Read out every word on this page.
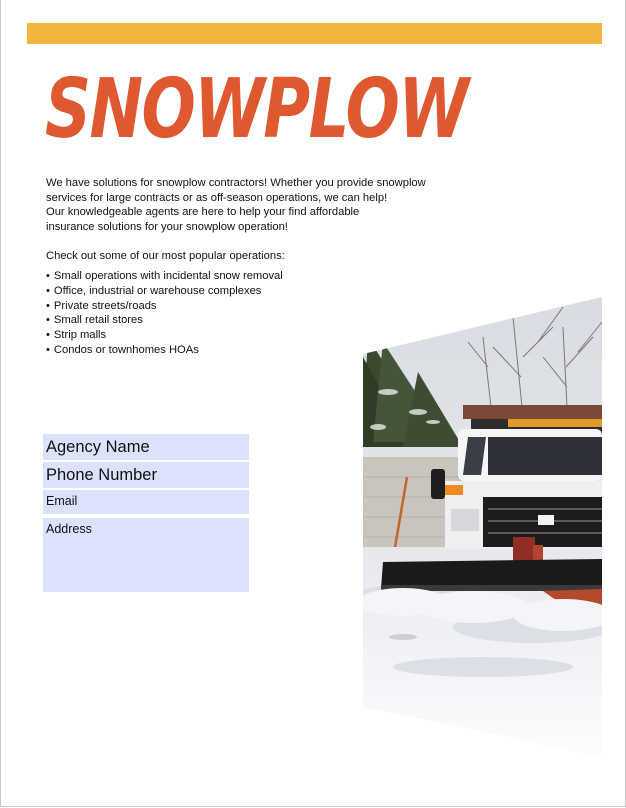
SNOWPLOW

We have solutions for snowplow contractors! Whether you provide snowplow

services for large contracts or as off-season operations, we can help!

Our knowledgeable agents are here to help your find affordable

insurance solutions for your snowplow operation!

Check out some of our most popular operations:

• Small operations with incidental snow removal
• Office, industrial or warehouse complexes
• Private streets/roads
• Small retail stores
• Strip malls
• Condos or townhomes HOAs
Agency Name
Phone Number
Email
Address
